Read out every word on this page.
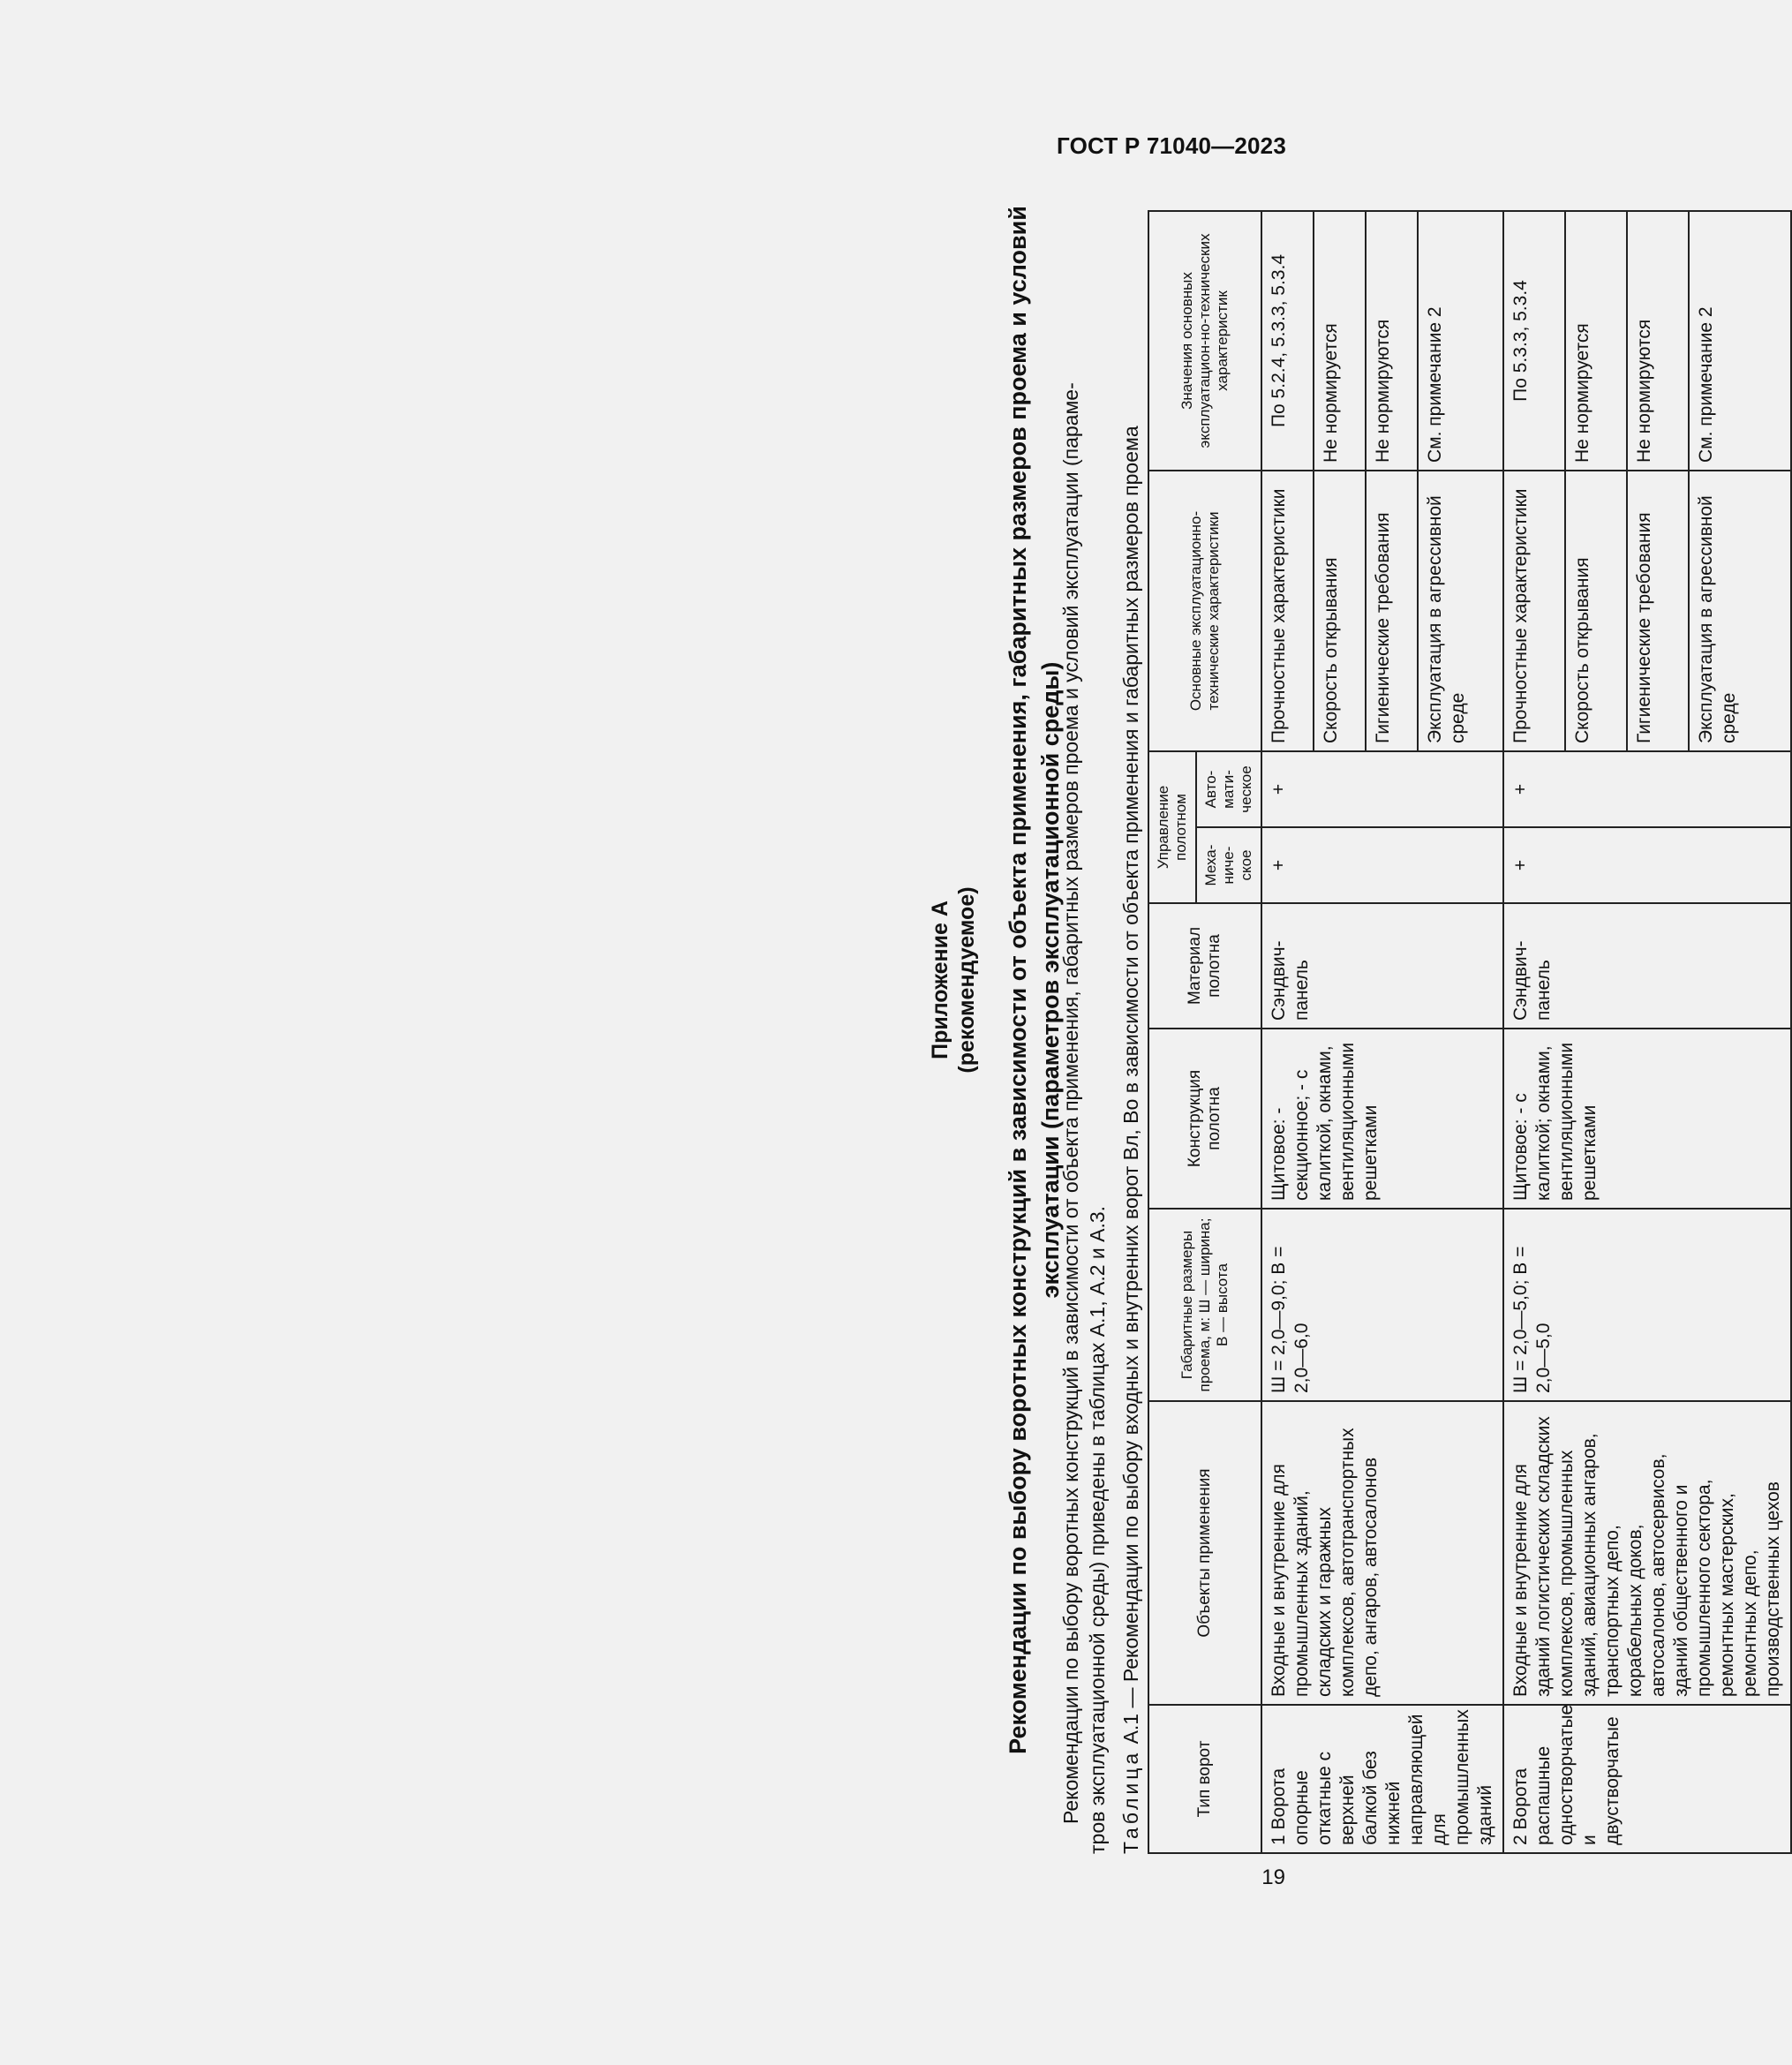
ГОСТ Р 71040—2023
19
Приложение А (рекомендуемое) Рекомендации по выбору воротных конструкций в зависимости от объекта применения, габаритных размеров проема и условий эксплуатации (параметров эксплуатационной среды)
Рекомендации по выбору воротных конструкций в зависимости от объекта применения, габаритных размеров проема и условий эксплуатации (параме- тров эксплуатационной среды) приведены в таблицах А.1, А.2 и А.3. Таблица А.1 — Рекомендации по выбору входных и внутренних ворот Вл, Во в зависимости от объекта применения и габаритных размеров проема
Тип ворот	Объекты применения	Габаритные размеры проема, м: Ш — ширина; В — высота	Конструкция полотна	Материал полотна	Управление полотном		Основные эксплуатационно-технические характеристики	Значения основных эксплуатацион-но-технических характеристик
					Меха-ниче-ское	Авто-мати-ческое		
1 Ворота опорные откатные с верхней балкой без нижней направляющей для промышленных зданий	Входные и внутренние для промышленных зданий, складских и гаражных комплексов, автотранспортных депо, ангаров, автосалонов	Ш = 2,0—9,0; В = 2,0—6,0	Щитовое: - секционное; - с калиткой, окнами, вентиляционными решетками	Сэндвич-панель	+	+	Прочностные характеристики	По 5.2.4, 5.3.3, 5.3.4
							Скорость открывания	Не нормируется
							Гигиенические требования	Не нормируются
							Эксплуатация в агрессивной среде	См. примечание 2
2 Ворота распашные одностворчатые и двустворчатые	Входные и внутренние для зданий логистических складских комплексов, промышленных зданий, авиационных ангаров, транспортных депо, корабельных доков, автосалонов, автосервисов, зданий общественного и промышленного сектора, ремонтных мастерских, ремонтных депо, производственных цехов	Ш = 2,0—5,0; В = 2,0—5,0	Щитовое: - с калиткой; окнами, вентиляционными решетками	Сэндвич-панель	+	+	Прочностные характеристики	По 5.3.3, 5.3.4
							Скорость открывания	Не нормируется
							Гигиенические требования	Не нормируются
							Эксплуатация в агрессивной среде	См. примечание 2
